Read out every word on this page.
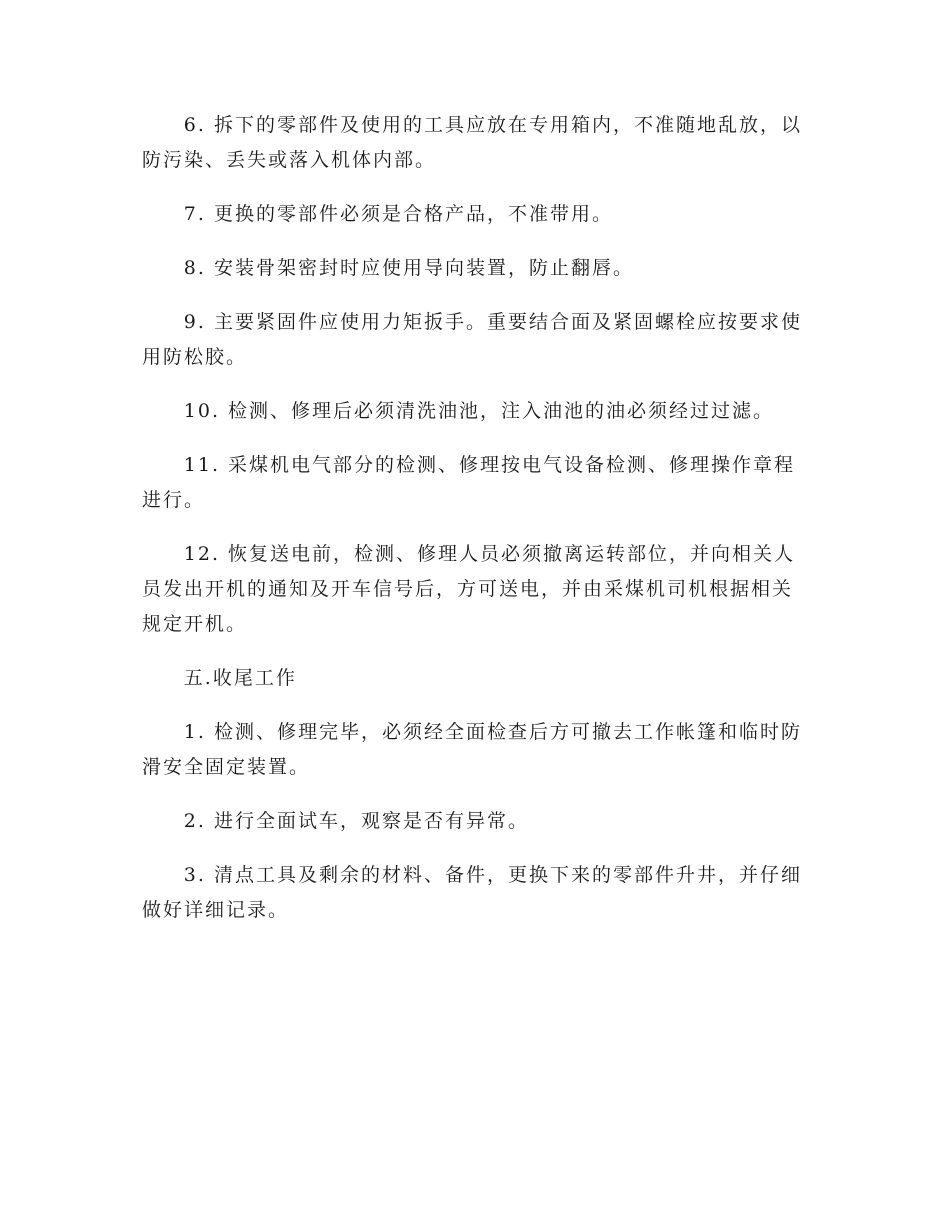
6. 拆下的零部件及使用的工具应放在专用箱内，不准随地乱放，以防污染、丢失或落入机体内部。

7. 更换的零部件必须是合格产品，不准带用。

8. 安装骨架密封时应使用导向装置，防止翻唇。

9. 主要紧固件应使用力矩扳手。重要结合面及紧固螺栓应按要求使用防松胶。

10. 检测、修理后必须清洗油池，注入油池的油必须经过过滤。

11. 采煤机电气部分的检测、修理按电气设备检测、修理操作章程进行。

12. 恢复送电前，检测、修理人员必须撤离运转部位，并向相关人员发出开机的通知及开车信号后，方可送电，并由采煤机司机根据相关规定开机。

五.收尾工作

1. 检测、修理完毕，必须经全面检查后方可撤去工作帐篷和临时防滑安全固定装置。

2. 进行全面试车，观察是否有异常。

3. 清点工具及剩余的材料、备件，更换下来的零部件升井，并仔细做好详细记录。
